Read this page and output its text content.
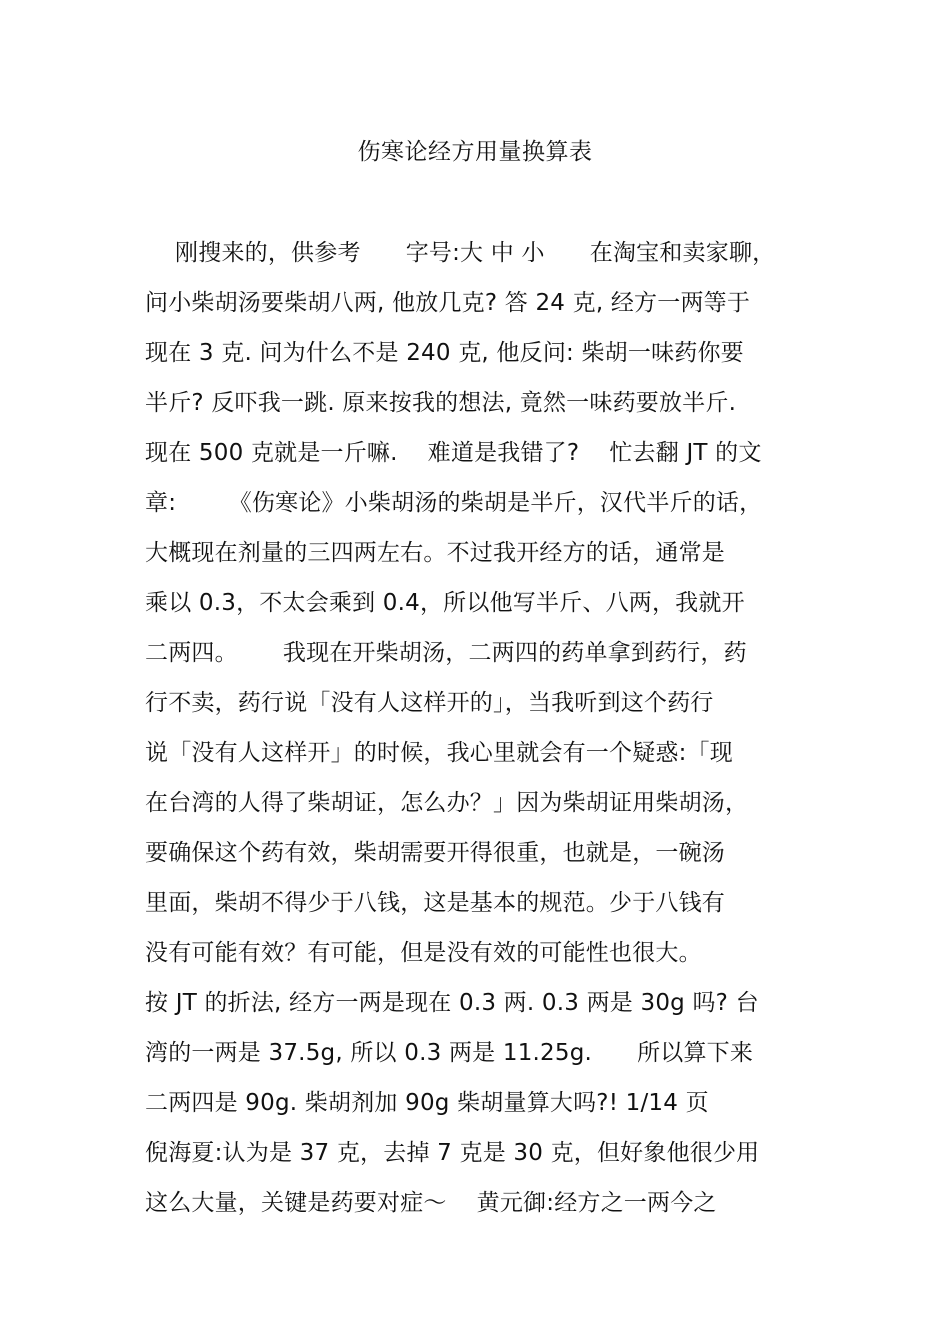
伤寒论经方用量换算表
刚搜来的，供参考      字号:大 中 小      在淘宝和卖家聊，
问小柴胡汤要柴胡八两, 他放几克? 答 24 克, 经方一两等于
现在 3 克. 问为什么不是 240 克, 他反问: 柴胡一味药你要
半斤? 反吓我一跳. 原来按我的想法, 竟然一味药要放半斤.
现在 500 克就是一斤嘛.    难道是我错了?    忙去翻 JT 的文
章:       《伤寒论》小柴胡汤的柴胡是半斤，汉代半斤的话，
大概现在剂量的三四两左右。不过我开经方的话，通常是
乘以 0.3，不太会乘到 0.4，所以他写半斤、八两，我就开
二两四。      我现在开柴胡汤，二两四的药单拿到药行，药
行不卖，药行说「没有人这样开的」，当我听到这个药行
说「没有人这样开」的时候，我心里就会有一个疑惑:「现
在台湾的人得了柴胡证，怎么办？」因为柴胡证用柴胡汤，
要确保这个药有效，柴胡需要开得很重，也就是，一碗汤
里面，柴胡不得少于八钱，这是基本的规范。少于八钱有
没有可能有效？有可能，但是没有效的可能性也很大。
按 JT 的折法, 经方一两是现在 0.3 两. 0.3 两是 30g 吗? 台
湾的一两是 37.5g, 所以 0.3 两是 11.25g.      所以算下来
二两四是 90g. 柴胡剂加 90g 柴胡量算大吗?! 1/14 页
倪海夏:认为是 37 克，去掉 7 克是 30 克，但好象他很少用
这么大量，关键是药要对症～    黄元御:经方之一两今之
